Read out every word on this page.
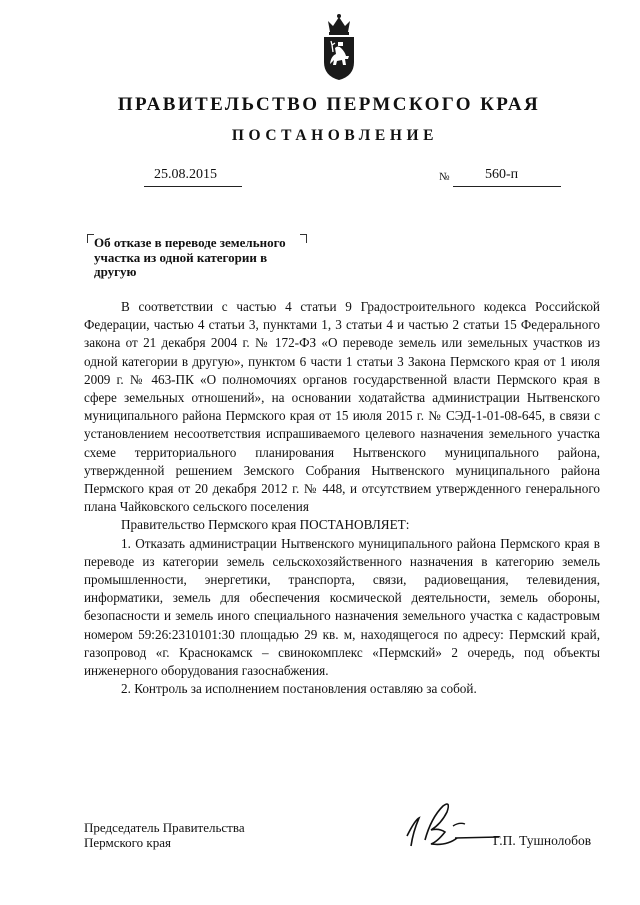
ПРАВИТЕЛЬСТВО ПЕРМСКОГО КРАЯ
ПОСТАНОВЛЕНИЕ
25.08.2015	№	560-п
Об отказе в переводе земельного участка из одной категории в другую

В соответствии с частью 4 статьи 9 Градостроительного кодекса Российской Федерации, частью 4 статьи 3, пунктами 1, 3 статьи 4 и частью 2 статьи 15 Федерального закона от 21 декабря 2004 г. № 172-ФЗ «О переводе земель или земельных участков из одной категории в другую», пунктом 6 части 1 статьи 3 Закона Пермского края от 1 июля 2009 г. № 463-ПК «О полномочиях органов государственной власти Пермского края в сфере земельных отношений», на основании ходатайства администрации Нытвенского муниципального района Пермского края от 15 июля 2015 г. № СЭД-1-01-08-645, в связи с установлением несоответствия испрашиваемого целевого назначения земельного участка схеме территориального планирования Нытвенского муниципального района, утвержденной решением Земского Собрания Нытвенского муниципального района Пермского края от 20 декабря 2012 г. № 448, и отсутствием утвержденного генерального плана Чайковского сельского поселения

Правительство Пермского края ПОСТАНОВЛЯЕТ:

1. Отказать администрации Нытвенского муниципального района Пермского края в переводе из категории земель сельскохозяйственного назначения в категорию земель промышленности, энергетики, транспорта, связи, радиовещания, телевидения, информатики, земель для обеспечения космической деятельности, земель обороны, безопасности и земель иного специального назначения земельного участка с кадастровым номером 59:26:2310101:30 площадью 29 кв. м, находящегося по адресу: Пермский край, газопровод «г. Краснокамск – свинокомплекс «Пермский» 2 очередь, под объекты инженерного оборудования газоснабжения.

2. Контроль за исполнением постановления оставляю за собой.

Председатель Правительства
Пермского края	Г.П. Тушнолобов
